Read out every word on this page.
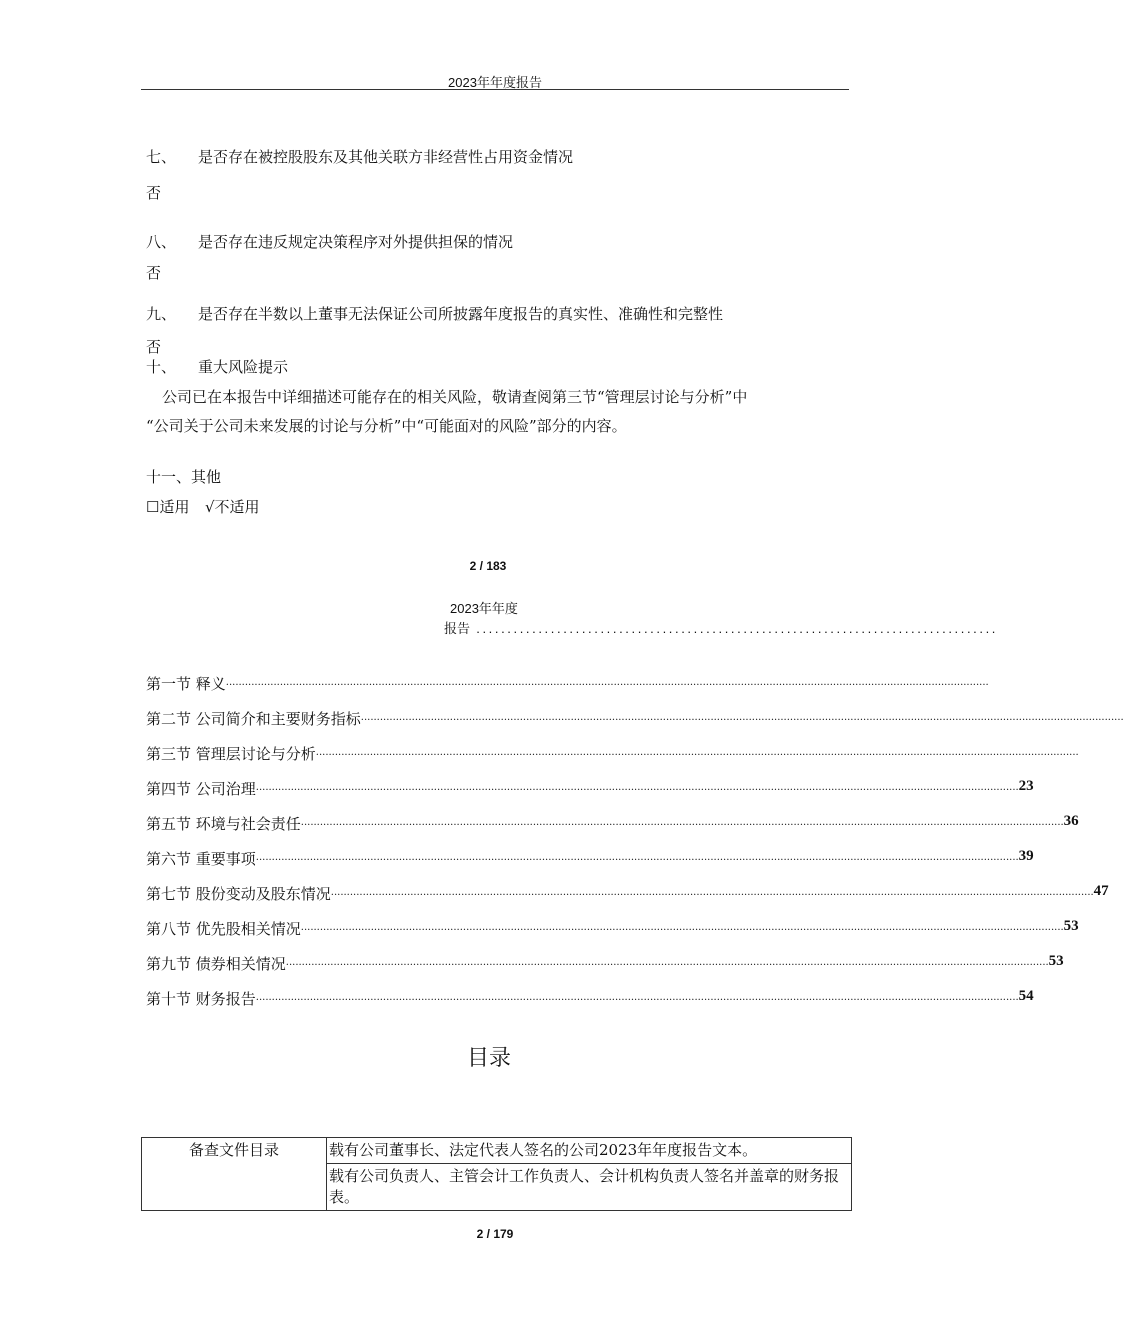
2023年年度报告
七、 是否存在被控股股东及其他关联方非经营性占用资金情况
否
八、 是否存在违反规定决策程序对外提供担保的情况
否
九、 是否存在半数以上董事无法保证公司所披露年度报告的真实性、准确性和完整性
否
十、 重大风险提示
公司已在本报告中详细描述可能存在的相关风险，敬请查阅第三节“管理层讨论与分析”中
“公司关于公司未来发展的讨论与分析”中“可能面对的风险”部分的内容。
十一、其他
☐适用 √不适用
2 / 183
2023年年度
报告 ....................................................................................
第一节 释义
.....
第二节 公司简介和主要财务指标
.....
第三节 管理层讨论与分析
.....
第四节 公司治理 .....	23
第五节 环境与社会责任 .....	36
第六节 重要事项 .....	39
第七节 股份变动及股东情况 .....	47
第八节 优先股相关情况 .....	53
第九节 债券相关情况 .....	53
第十节 财务报告 .....	54
目录
备查文件目录	载有公司董事长、法定代表人签名的公司2023年年度报告文本。
载有公司负责人、主管会计工作负责人、会计机构负责人签名并盖章的财务报表。
2 / 179
